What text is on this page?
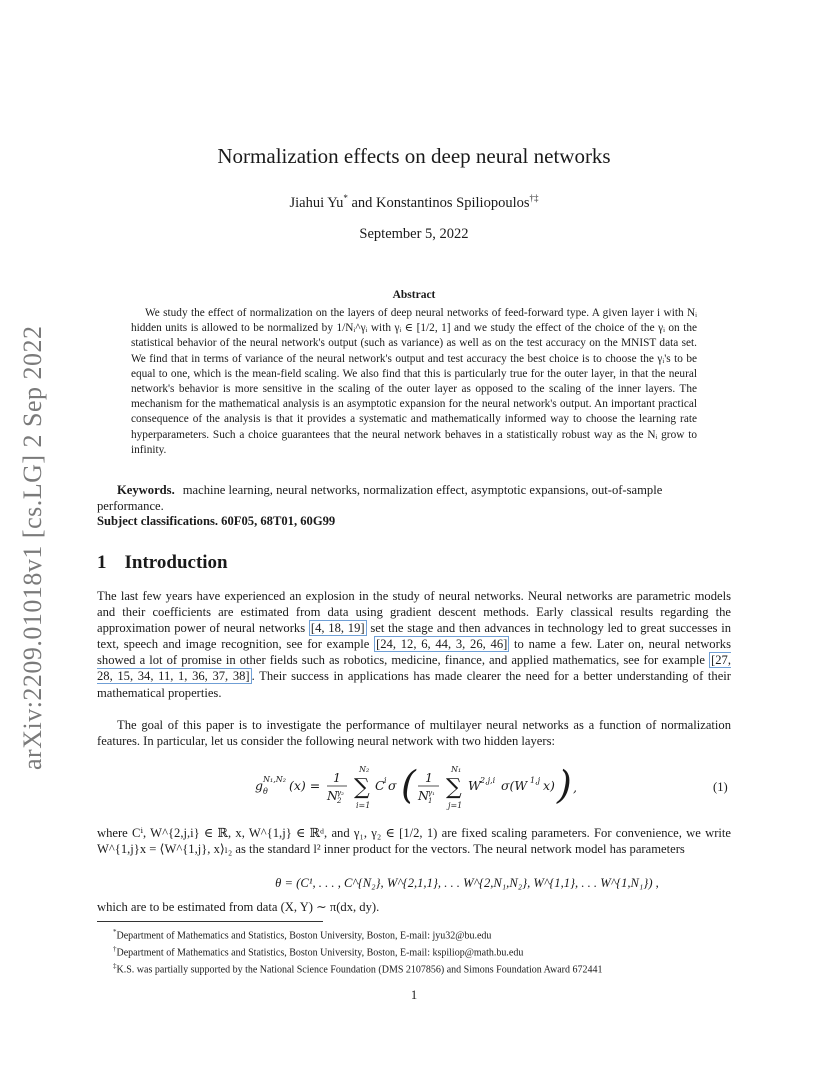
arXiv:2209.01018v1 [cs.LG] 2 Sep 2022
Normalization effects on deep neural networks
Jiahui Yu* and Konstantinos Spiliopoulos†‡
September 5, 2022
Abstract
We study the effect of normalization on the layers of deep neural networks of feed-forward type. A given layer i with Nᵢ hidden units is allowed to be normalized by 1/Nᵢ^γᵢ with γᵢ ∈ [1/2, 1] and we study the effect of the choice of the γᵢ on the statistical behavior of the neural network's output (such as variance) as well as on the test accuracy on the MNIST data set. We find that in terms of variance of the neural network's output and test accuracy the best choice is to choose the γᵢ's to be equal to one, which is the mean-field scaling. We also find that this is particularly true for the outer layer, in that the neural network's behavior is more sensitive in the scaling of the outer layer as opposed to the scaling of the inner layers. The mechanism for the mathematical analysis is an asymptotic expansion for the neural network's output. An important practical consequence of the analysis is that it provides a systematic and mathematically informed way to choose the learning rate hyperparameters. Such a choice guarantees that the neural network behaves in a statistically robust way as the Nᵢ grow to infinity.
Keywords. machine learning, neural networks, normalization effect, asymptotic expansions, out-of-sample performance.
Subject classifications. 60F05, 68T01, 60G99
1 Introduction
The last few years have experienced an explosion in the study of neural networks. Neural networks are parametric models and their coefficients are estimated from data using gradient descent methods. Early classical results regarding the approximation power of neural networks [4, 18, 19] set the stage and then advances in technology led to great successes in text, speech and image recognition, see for example [24, 12, 6, 44, 3, 26, 46] to name a few. Later on, neural networks showed a lot of promise in other fields such as robotics, medicine, finance, and applied mathematics, see for example [27, 28, 15, 34, 11, 1, 36, 37, 38] . Their success in applications has made clearer the need for a better understanding of their mathematical properties.
The goal of this paper is to investigate the performance of multilayer neural networks as a function of normalization features. In particular, let us consider the following neural network with two hidden layers:
g θ
N₁,N₂ (x) =
1
N 2
γ₂
N₂
∑
i=1
C i σ ( 1
N 1
γ₁
N₁
∑
j=1
W 2,j,i σ(W 1,j x) ) ,	(1)
where Cⁱ, W^{2,j,i} ∈ ℝ, x, W^{1,j} ∈ ℝᵈ, and γ₁, γ₂ ∈ [1/2, 1) are fixed scaling parameters. For convenience, we write W^{1,j}x = ⟨W^{1,j}, x⟩ₗ₂ as the standard l² inner product for the vectors. The neural network model has parameters
θ = (C¹, . . . , C^{N₂}, W^{2,1,1}, . . . W^{2,N₁,N₂}, W^{1,1}, . . . W^{1,N₁}) ,
which are to be estimated from data (X, Y) ∼ π(dx, dy).
*Department of Mathematics and Statistics, Boston University, Boston, E-mail: jyu32@bu.edu
†Department of Mathematics and Statistics, Boston University, Boston, E-mail: kspiliop@math.bu.edu
‡K.S. was partially supported by the National Science Foundation (DMS 2107856) and Simons Foundation Award 672441
1
